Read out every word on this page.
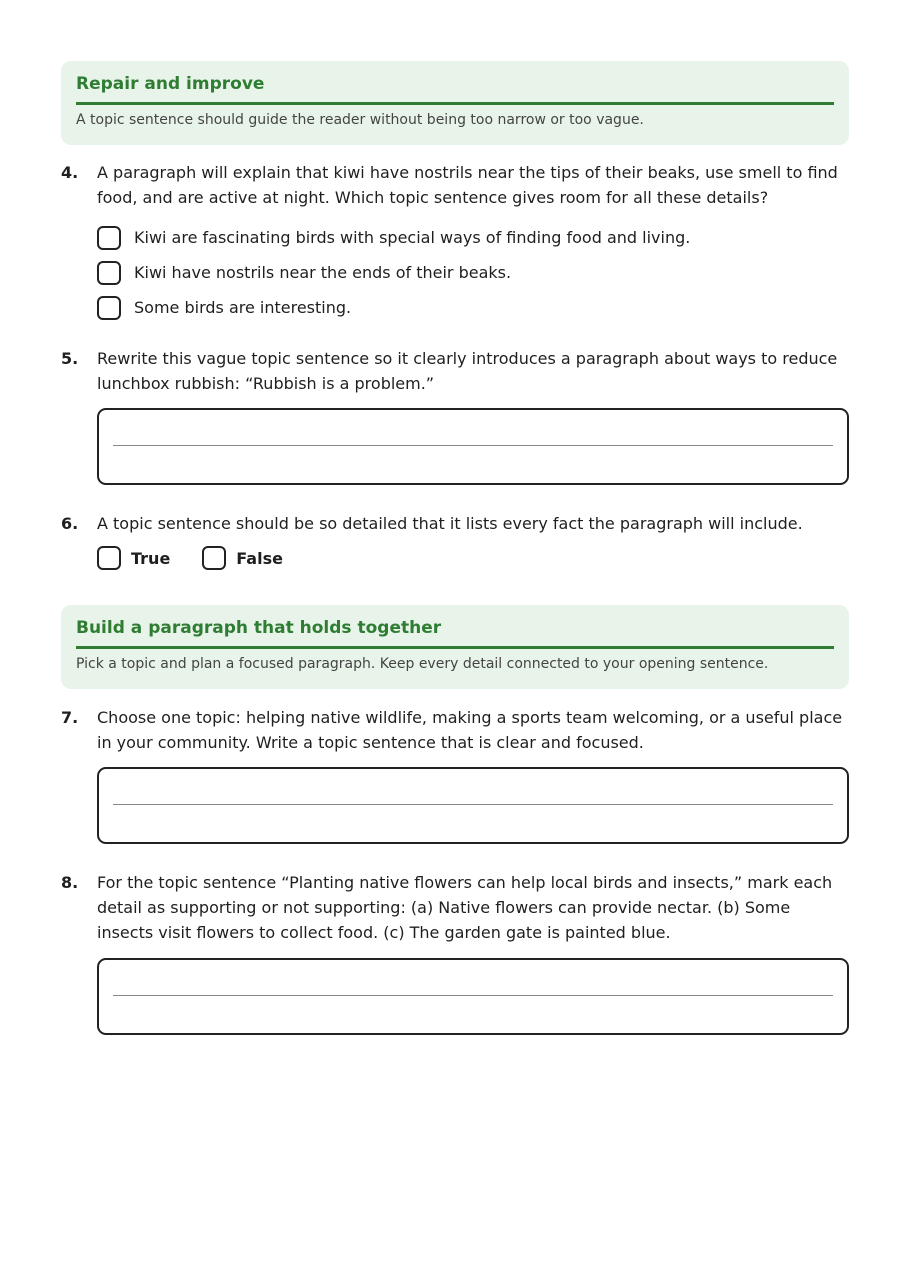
Repair and improve
A topic sentence should guide the reader without being too narrow or too vague.
4. A paragraph will explain that kiwi have nostrils near the tips of their beaks, use smell to find food, and are active at night. Which topic sentence gives room for all these details?
Kiwi are fascinating birds with special ways of finding food and living.
Kiwi have nostrils near the ends of their beaks.
Some birds are interesting.
5. Rewrite this vague topic sentence so it clearly introduces a paragraph about ways to reduce lunchbox rubbish: “Rubbish is a problem.”
6. A topic sentence should be so detailed that it lists every fact the paragraph will include.
True	False
Build a paragraph that holds together
Pick a topic and plan a focused paragraph. Keep every detail connected to your opening sentence.
7. Choose one topic: helping native wildlife, making a sports team welcoming, or a useful place in your community. Write a topic sentence that is clear and focused.
8. For the topic sentence “Planting native flowers can help local birds and insects,” mark each detail as supporting or not supporting: (a) Native flowers can provide nectar. (b) Some insects visit flowers to collect food. (c) The garden gate is painted blue.
